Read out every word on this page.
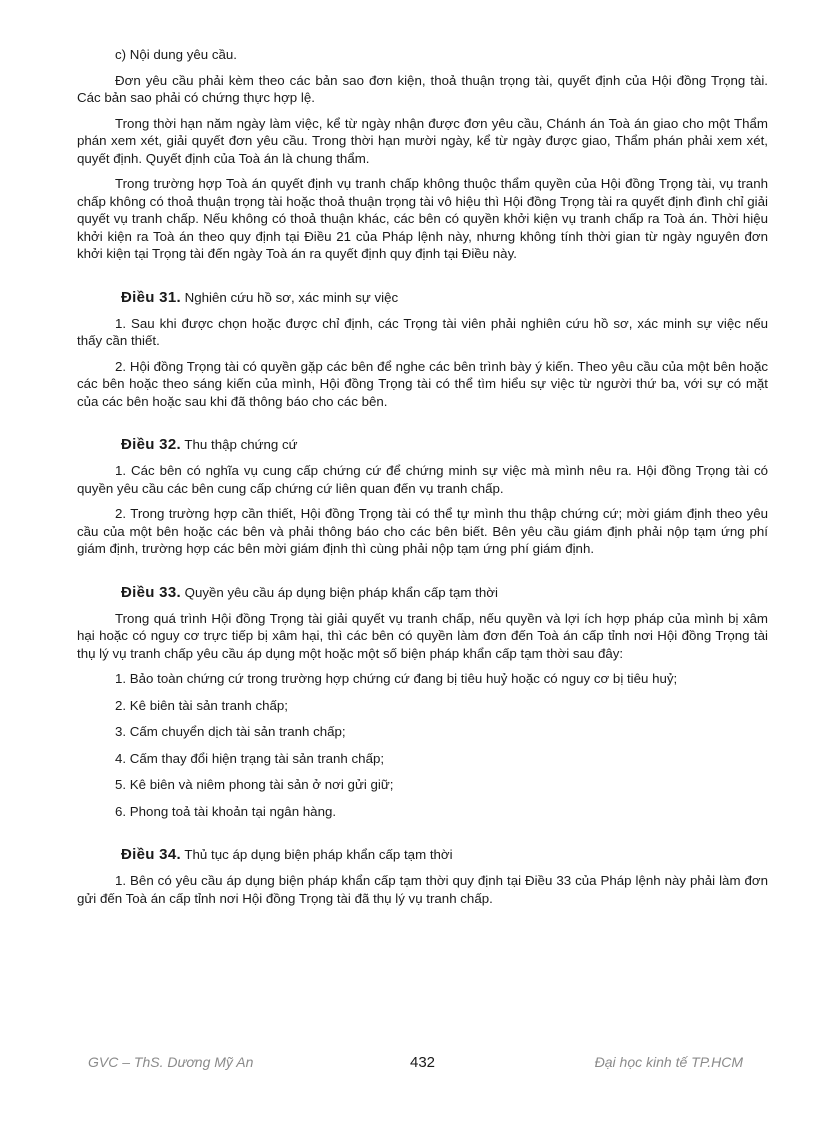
c) Nội dung yêu cầu.

Đơn yêu cầu phải kèm theo các bản sao đơn kiện, thoả thuận trọng tài, quyết định của Hội đồng Trọng tài. Các bản sao phải có chứng thực hợp lệ.

Trong thời hạn năm ngày làm việc, kể từ ngày nhận được đơn yêu cầu, Chánh án Toà án giao cho một Thẩm phán xem xét, giải quyết đơn yêu cầu. Trong thời hạn mười ngày, kể từ ngày được giao, Thẩm phán phải xem xét, quyết định. Quyết định của Toà án là chung thẩm.

Trong trường hợp Toà án quyết định vụ tranh chấp không thuộc thẩm quyền của Hội đồng Trọng tài, vụ tranh chấp không có thoả thuận trọng tài hoặc thoả thuận trọng tài vô hiệu thì Hội đồng Trọng tài ra quyết định đình chỉ giải quyết vụ tranh chấp. Nếu không có thoả thuận khác, các bên có quyền khởi kiện vụ tranh chấp ra Toà án. Thời hiệu khởi kiện ra Toà án theo quy định tại Điều 21 của Pháp lệnh này, nhưng không tính thời gian từ ngày nguyên đơn khởi kiện tại Trọng tài đến ngày Toà án ra quyết định quy định tại Điều này.

Điều 31. Nghiên cứu hồ sơ, xác minh sự việc

1. Sau khi được chọn hoặc được chỉ định, các Trọng tài viên phải nghiên cứu hồ sơ, xác minh sự việc nếu thấy cần thiết.

2. Hội đồng Trọng tài có quyền gặp các bên để nghe các bên trình bày ý kiến. Theo yêu cầu của một bên hoặc các bên hoặc theo sáng kiến của mình, Hội đồng Trọng tài có thể tìm hiểu sự việc từ người thứ ba, với sự có mặt của các bên hoặc sau khi đã thông báo cho các bên.

Điều 32. Thu thập chứng cứ

1. Các bên có nghĩa vụ cung cấp chứng cứ để chứng minh sự việc mà mình nêu ra. Hội đồng Trọng tài có quyền yêu cầu các bên cung cấp chứng cứ liên quan đến vụ tranh chấp.

2. Trong trường hợp cần thiết, Hội đồng Trọng tài có thể tự mình thu thập chứng cứ; mời giám định theo yêu cầu của một bên hoặc các bên và phải thông báo cho các bên biết. Bên yêu cầu giám định phải nộp tạm ứng phí giám định, trường hợp các bên mời giám định thì cùng phải nộp tạm ứng phí giám định.

Điều 33. Quyền yêu cầu áp dụng biện pháp khẩn cấp tạm thời

Trong quá trình Hội đồng Trọng tài giải quyết vụ tranh chấp, nếu quyền và lợi ích hợp pháp của mình bị xâm hại hoặc có nguy cơ trực tiếp bị xâm hại, thì các bên có quyền làm đơn đến Toà án cấp tỉnh nơi Hội đồng Trọng tài thụ lý vụ tranh chấp yêu cầu áp dụng một hoặc một số biện pháp khẩn cấp tạm thời sau đây:

1. Bảo toàn chứng cứ trong trường hợp chứng cứ đang bị tiêu huỷ hoặc có nguy cơ bị tiêu huỷ;

2. Kê biên tài sản tranh chấp;

3. Cấm chuyển dịch tài sản tranh chấp;

4. Cấm thay đổi hiện trạng tài sản tranh chấp;

5. Kê biên và niêm phong tài sản ở nơi gửi giữ;

6. Phong toả tài khoản tại ngân hàng.

Điều 34. Thủ tục áp dụng biện pháp khẩn cấp tạm thời

1. Bên có yêu cầu áp dụng biện pháp khẩn cấp tạm thời quy định tại Điều 33 của Pháp lệnh này phải làm đơn gửi đến Toà án cấp tỉnh nơi Hội đồng Trọng tài đã thụ lý vụ tranh chấp.

GVC – ThS. Dương Mỹ An	432	Đại học kinh tế TP.HCM
